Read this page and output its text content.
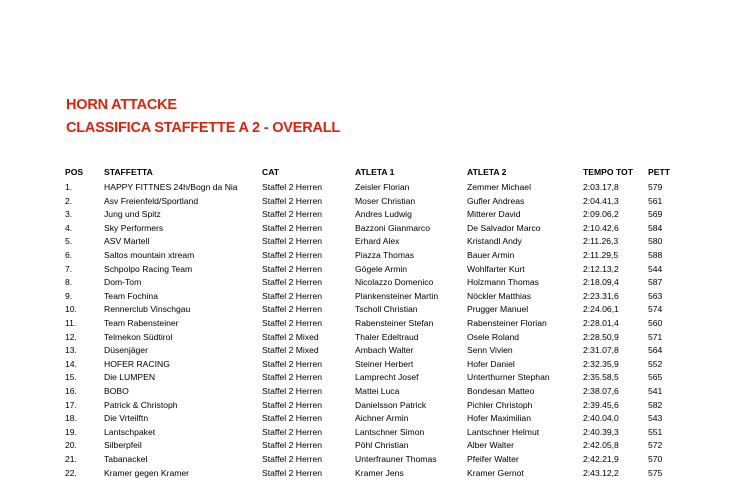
HORN ATTACKE
CLASSIFICA STAFFETTE A 2 - OVERALL
POS	STAFFETTA	CAT	ATLETA 1	ATLETA 2	TEMPO TOT	PETT
1.	HAPPY FITTNES 24h/Bogn da Nia	Staffel 2 Herren	Zeisler Florian	Zemmer Michael	2:03.17,8	579
2.	Asv Freienfeld/Sportland	Staffel 2 Herren	Moser Christian	Gufler Andreas	2:04.41,3	561
3.	Jung und Spitz	Staffel 2 Herren	Andres Ludwig	Mitterer David	2:09.06,2	569
4.	Sky Performers	Staffel 2 Herren	Bazzoni Gianmarco	De Salvador Marco	2:10.42,6	584
5.	ASV Martell	Staffel 2 Herren	Erhard Alex	Kristandl Andy	2:11.26,3	580
6.	Saltos mountain xtream	Staffel 2 Herren	Piazza Thomas	Bauer Armin	2:11.29,5	588
7.	Schpolpo Racing Team	Staffel 2 Herren	Gögele Armin	Wohlfarter Kurt	2:12.13,2	544
8.	Dom-Tom	Staffel 2 Herren	Nicolazzo Domenico	Holzmann Thomas	2:18.09,4	587
9.	Team Fochina	Staffel 2 Herren	Plankensteiner Martin	Nöckler Matthias	2:23.31,6	563
10.	Rennerclub Vinschgau	Staffel 2 Herren	Tscholl Christian	Prugger Manuel	2:24.06,1	574
11.	Team Rabensteiner	Staffel 2 Herren	Rabensteiner Stefan	Rabensteiner Florian	2:28.01,4	560
12.	Telmekon Südtirol	Staffel 2 Mixed	Thaler Edeltraud	Osele Roland	2:28.50,9	571
13.	Düsenjäger	Staffel 2 Mixed	Ambach Walter	Senn Vivien	2:31.07,8	564
14.	HOFER RACING	Staffel 2 Herren	Steiner Herbert	Hofer Daniel	2:32.35,9	552
15.	Die LUMPEN	Staffel 2 Herren	Lamprecht Josef	Unterthurner Stephan	2:35.58,5	565
16.	BOBO	Staffel 2 Herren	Mattei Luca	Bondesan Matteo	2:38.07,6	541
17.	Patrick & Christoph	Staffel 2 Herren	Danielsson Patrick	Pichler Christoph	2:39.45,6	582
18.	Die Vrteilftn	Staffel 2 Herren	Aichner Armin	Hofer Maximilian	2:40.04,0	543
19.	Lantschpaket	Staffel 2 Herren	Lantschner Simon	Lantschner Helmut	2:40.39,3	551
20.	Silberpfeil	Staffel 2 Herren	Pöhl Christian	Alber Walter	2:42.05,8	572
21.	Tabanackel	Staffel 2 Herren	Unterfrauner Thomas	Pfeifer Walter	2:42.21,9	570
22.	Kramer gegen Kramer	Staffel 2 Herren	Kramer Jens	Kramer Gernot	2:43.12,2	575
